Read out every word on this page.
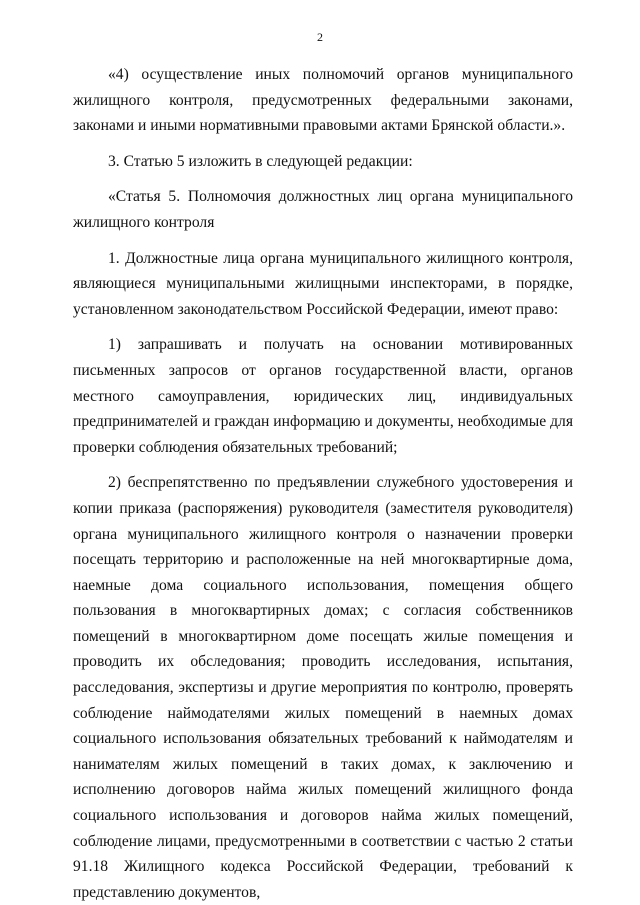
2

«4) осуществление иных полномочий органов муниципального жилищного контроля, предусмотренных федеральными законами, законами и иными нормативными правовыми актами Брянской области.».

3. Статью 5 изложить в следующей редакции:

«Статья 5. Полномочия должностных лиц органа муниципального жилищного контроля

1. Должностные лица органа муниципального жилищного контроля, являющиеся муниципальными жилищными инспекторами, в порядке, установленном законодательством Российской Федерации, имеют право:

1) запрашивать и получать на основании мотивированных письменных запросов от органов государственной власти, органов местного самоуправления, юридических лиц, индивидуальных предпринимателей и граждан информацию и документы, необходимые для проверки соблюдения обязательных требований;

2) беспрепятственно по предъявлении служебного удостоверения и копии приказа (распоряжения) руководителя (заместителя руководителя) органа муниципального жилищного контроля о назначении проверки посещать территорию и расположенные на ней многоквартирные дома, наемные дома социального использования, помещения общего пользования в многоквартирных домах; с согласия собственников помещений в многоквартирном доме посещать жилые помещения и проводить их обследования; проводить исследования, испытания, расследования, экспертизы и другие мероприятия по контролю, проверять соблюдение наймодателями жилых помещений в наемных домах социального использования обязательных требований к наймодателям и нанимателям жилых помещений в таких домах, к заключению и исполнению договоров найма жилых помещений жилищного фонда социального использования и договоров найма жилых помещений, соблюдение лицами, предусмотренными в соответствии с частью 2 статьи 91.18 Жилищного кодекса Российской Федерации, требований к представлению документов,
